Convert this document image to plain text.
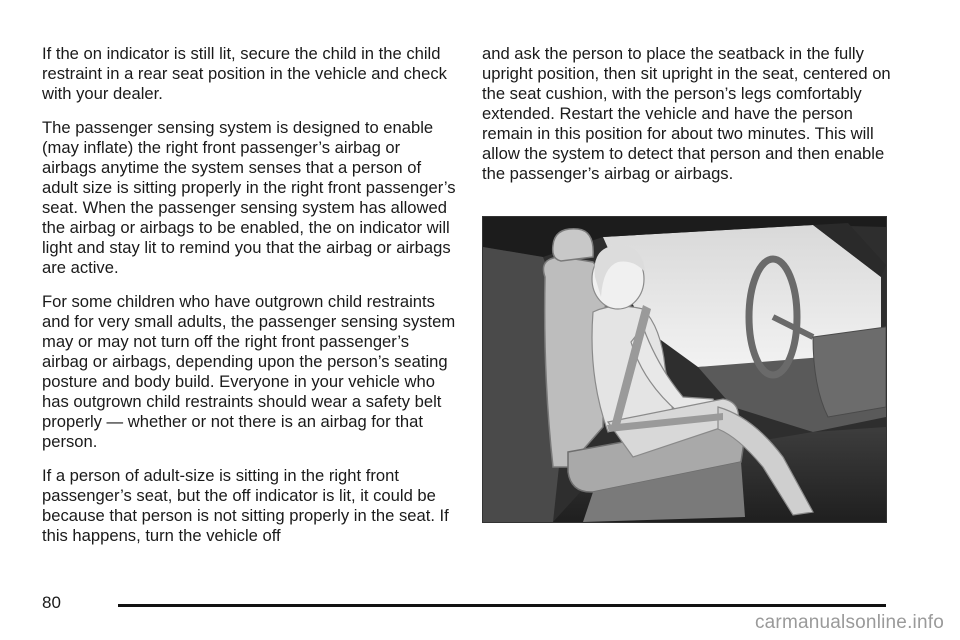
If the on indicator is still lit, secure the child in the child restraint in a rear seat position in the vehicle and check with your dealer.

The passenger sensing system is designed to enable (may inflate) the right front passenger’s airbag or airbags anytime the system senses that a person of adult size is sitting properly in the right front passenger’s seat. When the passenger sensing system has allowed the airbag or airbags to be enabled, the on indicator will light and stay lit to remind you that the airbag or airbags are active.

For some children who have outgrown child restraints and for very small adults, the passenger sensing system may or may not turn off the right front passenger’s airbag or airbags, depending upon the person’s seating posture and body build. Everyone in your vehicle who has outgrown child restraints should wear a safety belt properly — whether or not there is an airbag for that person.

If a person of adult-size is sitting in the right front passenger’s seat, but the off indicator is lit, it could be because that person is not sitting properly in the seat. If this happens, turn the vehicle off

and ask the person to place the seatback in the fully upright position, then sit upright in the seat, centered on the seat cushion, with the person’s legs comfortably extended. Restart the vehicle and have the person remain in this position for about two minutes. This will allow the system to detect that person and then enable the passenger’s airbag or airbags.

80
carmanualsonline.info
